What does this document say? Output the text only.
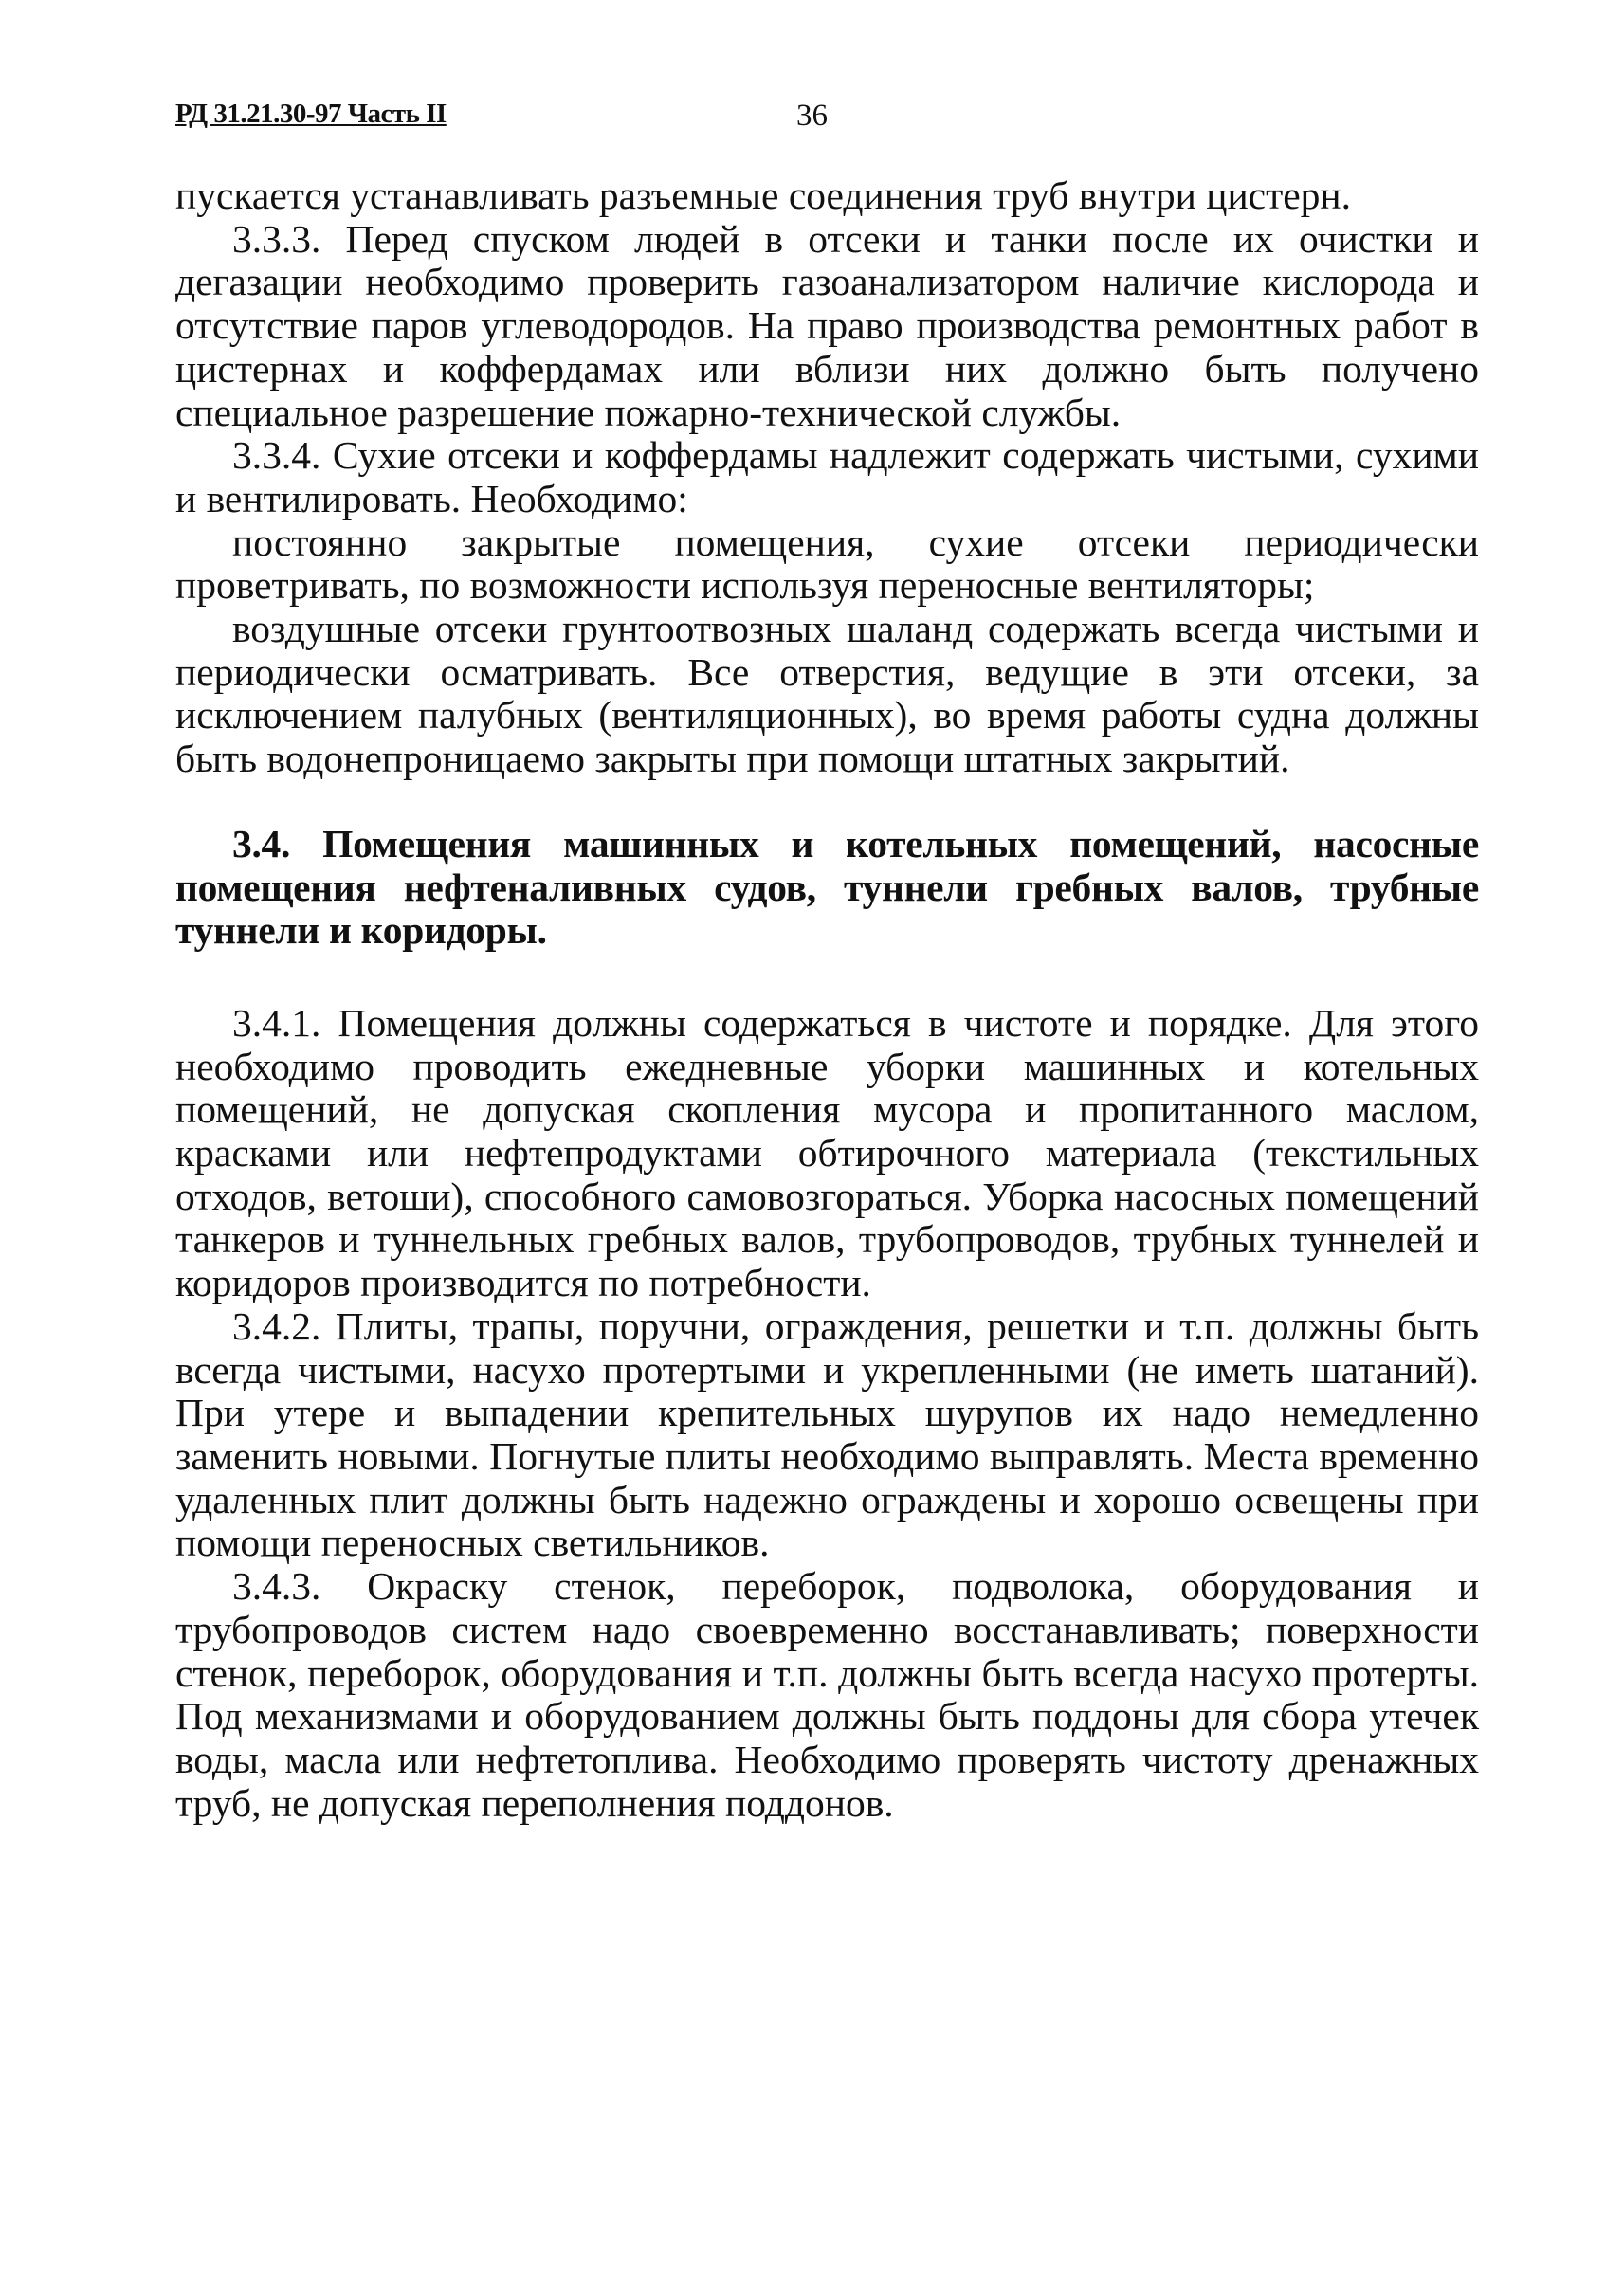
РД 31.21.30-97 Часть II	36

пускается устанавливать разъемные соединения труб внутри цистерн.

3.3.3. Перед спуском людей в отсеки и танки после их очистки и дегазации необходимо проверить газоанализатором наличие кислорода и отсутствие паров углеводородов. На право производства ремонтных работ в цистернах и коффердамах или вблизи них должно быть получено специальное разрешение пожарно-технической службы.

3.3.4. Сухие отсеки и коффердамы надлежит содержать чистыми, сухими и вентилировать. Необходимо:

постоянно закрытые помещения, сухие отсеки периодически проветривать, по возможности используя переносные вентиляторы;

воздушные отсеки грунтоотвозных шаланд содержать всегда чистыми и периодически осматривать. Все отверстия, ведущие в эти отсеки, за исключением палубных (вентиляционных), во время работы судна должны быть водонепроницаемо закрыты при помощи штатных закрытий.

3.4. Помещения машинных и котельных помещений, насосные помещения нефтеналивных судов, туннели гребных валов, трубные туннели и коридоры.

3.4.1. Помещения должны содержаться в чистоте и порядке. Для этого необходимо проводить ежедневные уборки машинных и котельных помещений, не допуская скопления мусора и пропитанного маслом, красками или нефтепродуктами обтирочного материала (текстильных отходов, ветоши), способного самовозгораться. Уборка насосных помещений танкеров и туннельных гребных валов, трубопроводов, трубных туннелей и коридоров производится по потребности.

3.4.2. Плиты, трапы, поручни, ограждения, решетки и т.п. должны быть всегда чистыми, насухо протертыми и укрепленными (не иметь шатаний). При утере и выпадении крепительных шурупов их надо немедленно заменить новыми. Погнутые плиты необходимо выправлять. Места временно удаленных плит должны быть надежно ограждены и хорошо освещены при помощи переносных светильников.

3.4.3. Окраску стенок, переборок, подволока, оборудования и трубопроводов систем надо своевременно восстанавливать; поверхности стенок, переборок, оборудования и т.п. должны быть всегда насухо протерты. Под механизмами и оборудованием должны быть поддоны для сбора утечек воды, масла или нефтетоплива. Необходимо проверять чистоту дренажных труб, не допуская переполнения поддонов.
